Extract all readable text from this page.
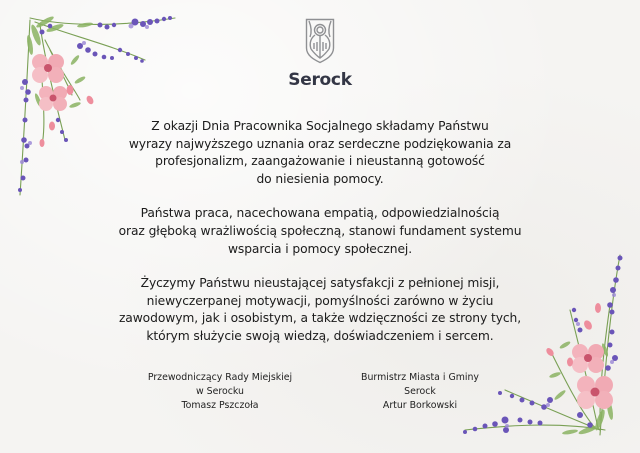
Serock

Z okazji Dnia Pracownika Socjalnego składamy Państwu
wyrazy najwyższego uznania oraz serdeczne podziękowania za
profesjonalizm, zaangażowanie i nieustanną gotowość
do niesienia pomocy.

Państwa praca, nacechowana empatią, odpowiedzialnością
oraz głęboką wrażliwością społeczną, stanowi fundament systemu
wsparcia i pomocy społecznej.

Życzymy Państwu nieustającej satysfakcji z pełnionej misji,
niewyczerpanej motywacji, pomyślności zarówno w życiu
zawodowym, jak i osobistym, a także wdzięczności ze strony tych,
którym służycie swoją wiedzą, doświadczeniem i sercem.

Przewodniczący Rady Miejskiej
w Serocku
Tomasz Pszczoła
Burmistrz Miasta i Gminy
Serock
Artur Borkowski
